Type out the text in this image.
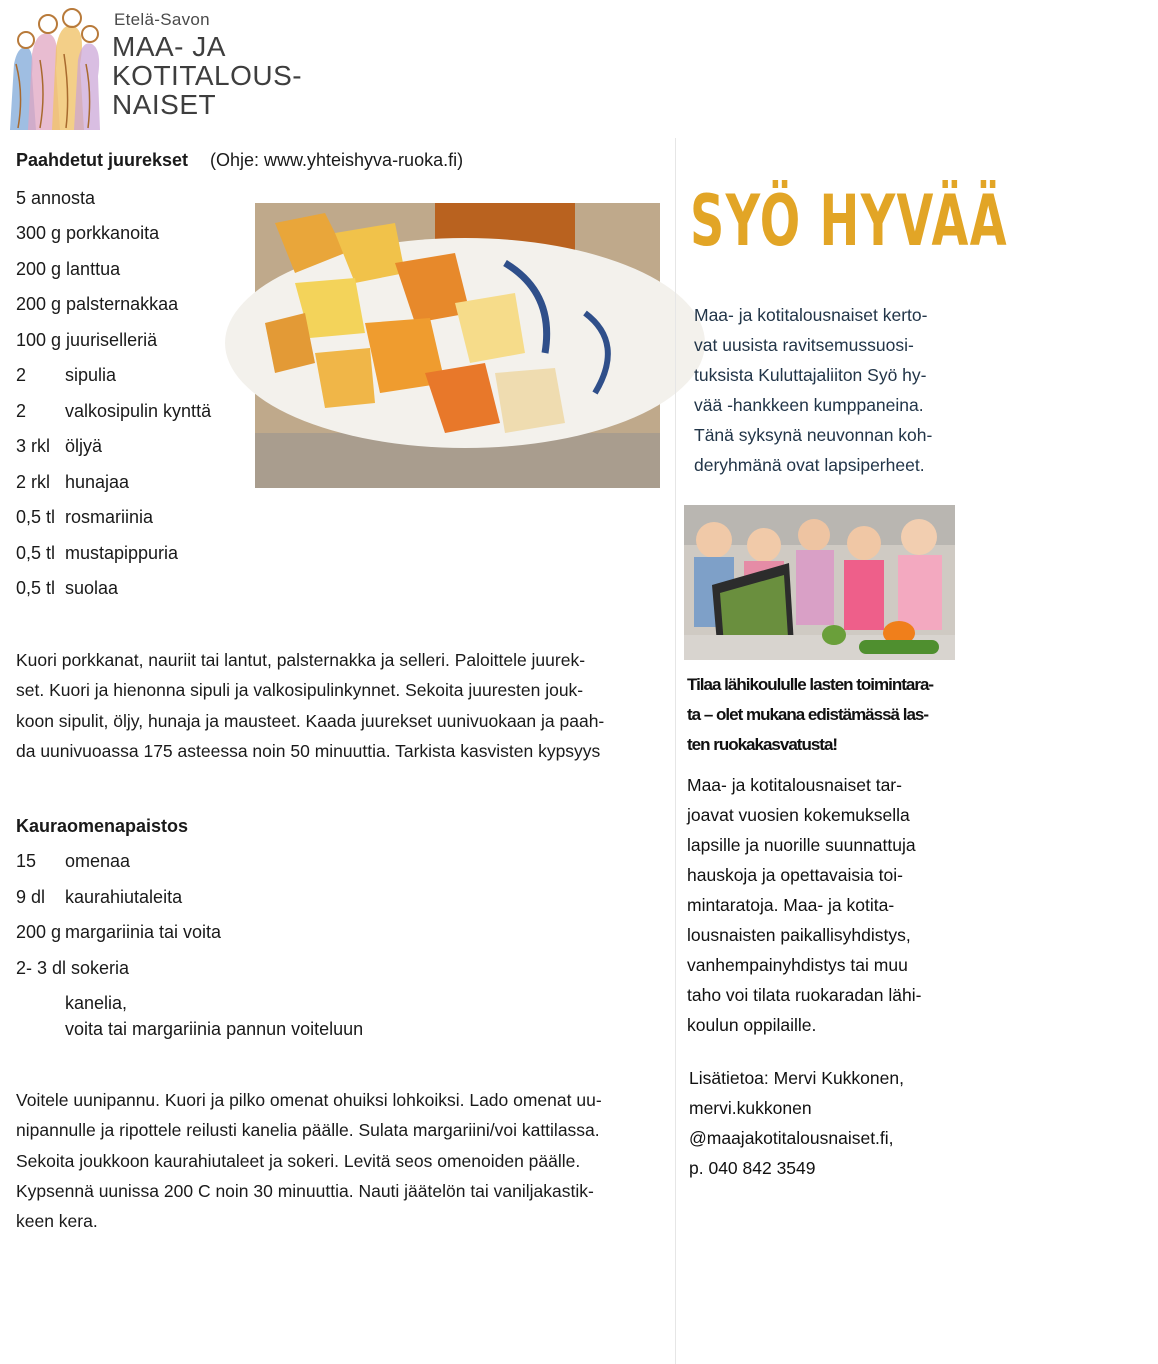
Etelä-Savon
MAA- JA
KOTITALOUS-
NAISET
Paahdetut juurekset (Ohje: www.yhteishyva-ruoka.fi)
5 annosta
300 g porkkanoita
200 g lanttua
200 g palsternakkaa
100 g juuriselleriä
2 sipulia
2 valkosipulin kynttä
3 rkl öljyä
2 rkl hunajaa
0,5 tl rosmariinia
0,5 tl mustapippuria
0,5 tl suolaa
Kuori porkkanat, nauriit tai lantut, palsternakka ja selleri. Paloittele juurek-
set. Kuori ja hienonna sipuli ja valkosipulinkynnet. Sekoita juuresten jouk-
koon sipulit, öljy, hunaja ja mausteet. Kaada juurekset uunivuokaan ja paah-
da uunivuoassa 175 asteessa noin 50 minuuttia. Tarkista kasvisten kypsyys
Kauraomenapaistos
15 omenaa
9 dl kaurahiutaleita
200 g margariinia tai voita
2- 3 dl sokeria
kanelia,
voita tai margariinia pannun voiteluun
Voitele uunipannu. Kuori ja pilko omenat ohuiksi lohkoiksi. Lado omenat uu-
nipannulle ja ripottele reilusti kanelia päälle. Sulata margariini/voi kattilassa.
Sekoita joukkoon kaurahiutaleet ja sokeri. Levitä seos omenoiden päälle.
Kypsennä uunissa 200 C noin 30 minuuttia. Nauti jäätelön tai vaniljakastik-
keen kera.
SYÖ HYVÄÄ
Maa- ja kotitalousnaiset kerto-
vat uusista ravitsemussuosi-
tuksista Kuluttajaliiton Syö hy-
vää -hankkeen kumppaneina.
Tänä syksynä neuvonnan koh-
deryhmänä ovat lapsiperheet.
Tilaa lähikoululle lasten toimintara-
ta – olet mukana edistämässä las-
ten ruokakasvatusta!
Maa- ja kotitalousnaiset tar-
joavat vuosien kokemuksella
lapsille ja nuorille suunnattuja
hauskoja ja opettavaisia toi-
mintaratoja. Maa- ja kotita-
lousnaisten paikallisyhdistys,
vanhempainyhdistys tai muu
taho voi tilata ruokaradan lähi-
koulun oppilaille.
Lisätietoa: Mervi Kukkonen,
mervi.kukkonen
@maajakotitalousnaiset.fi,
p. 040 842 3549
